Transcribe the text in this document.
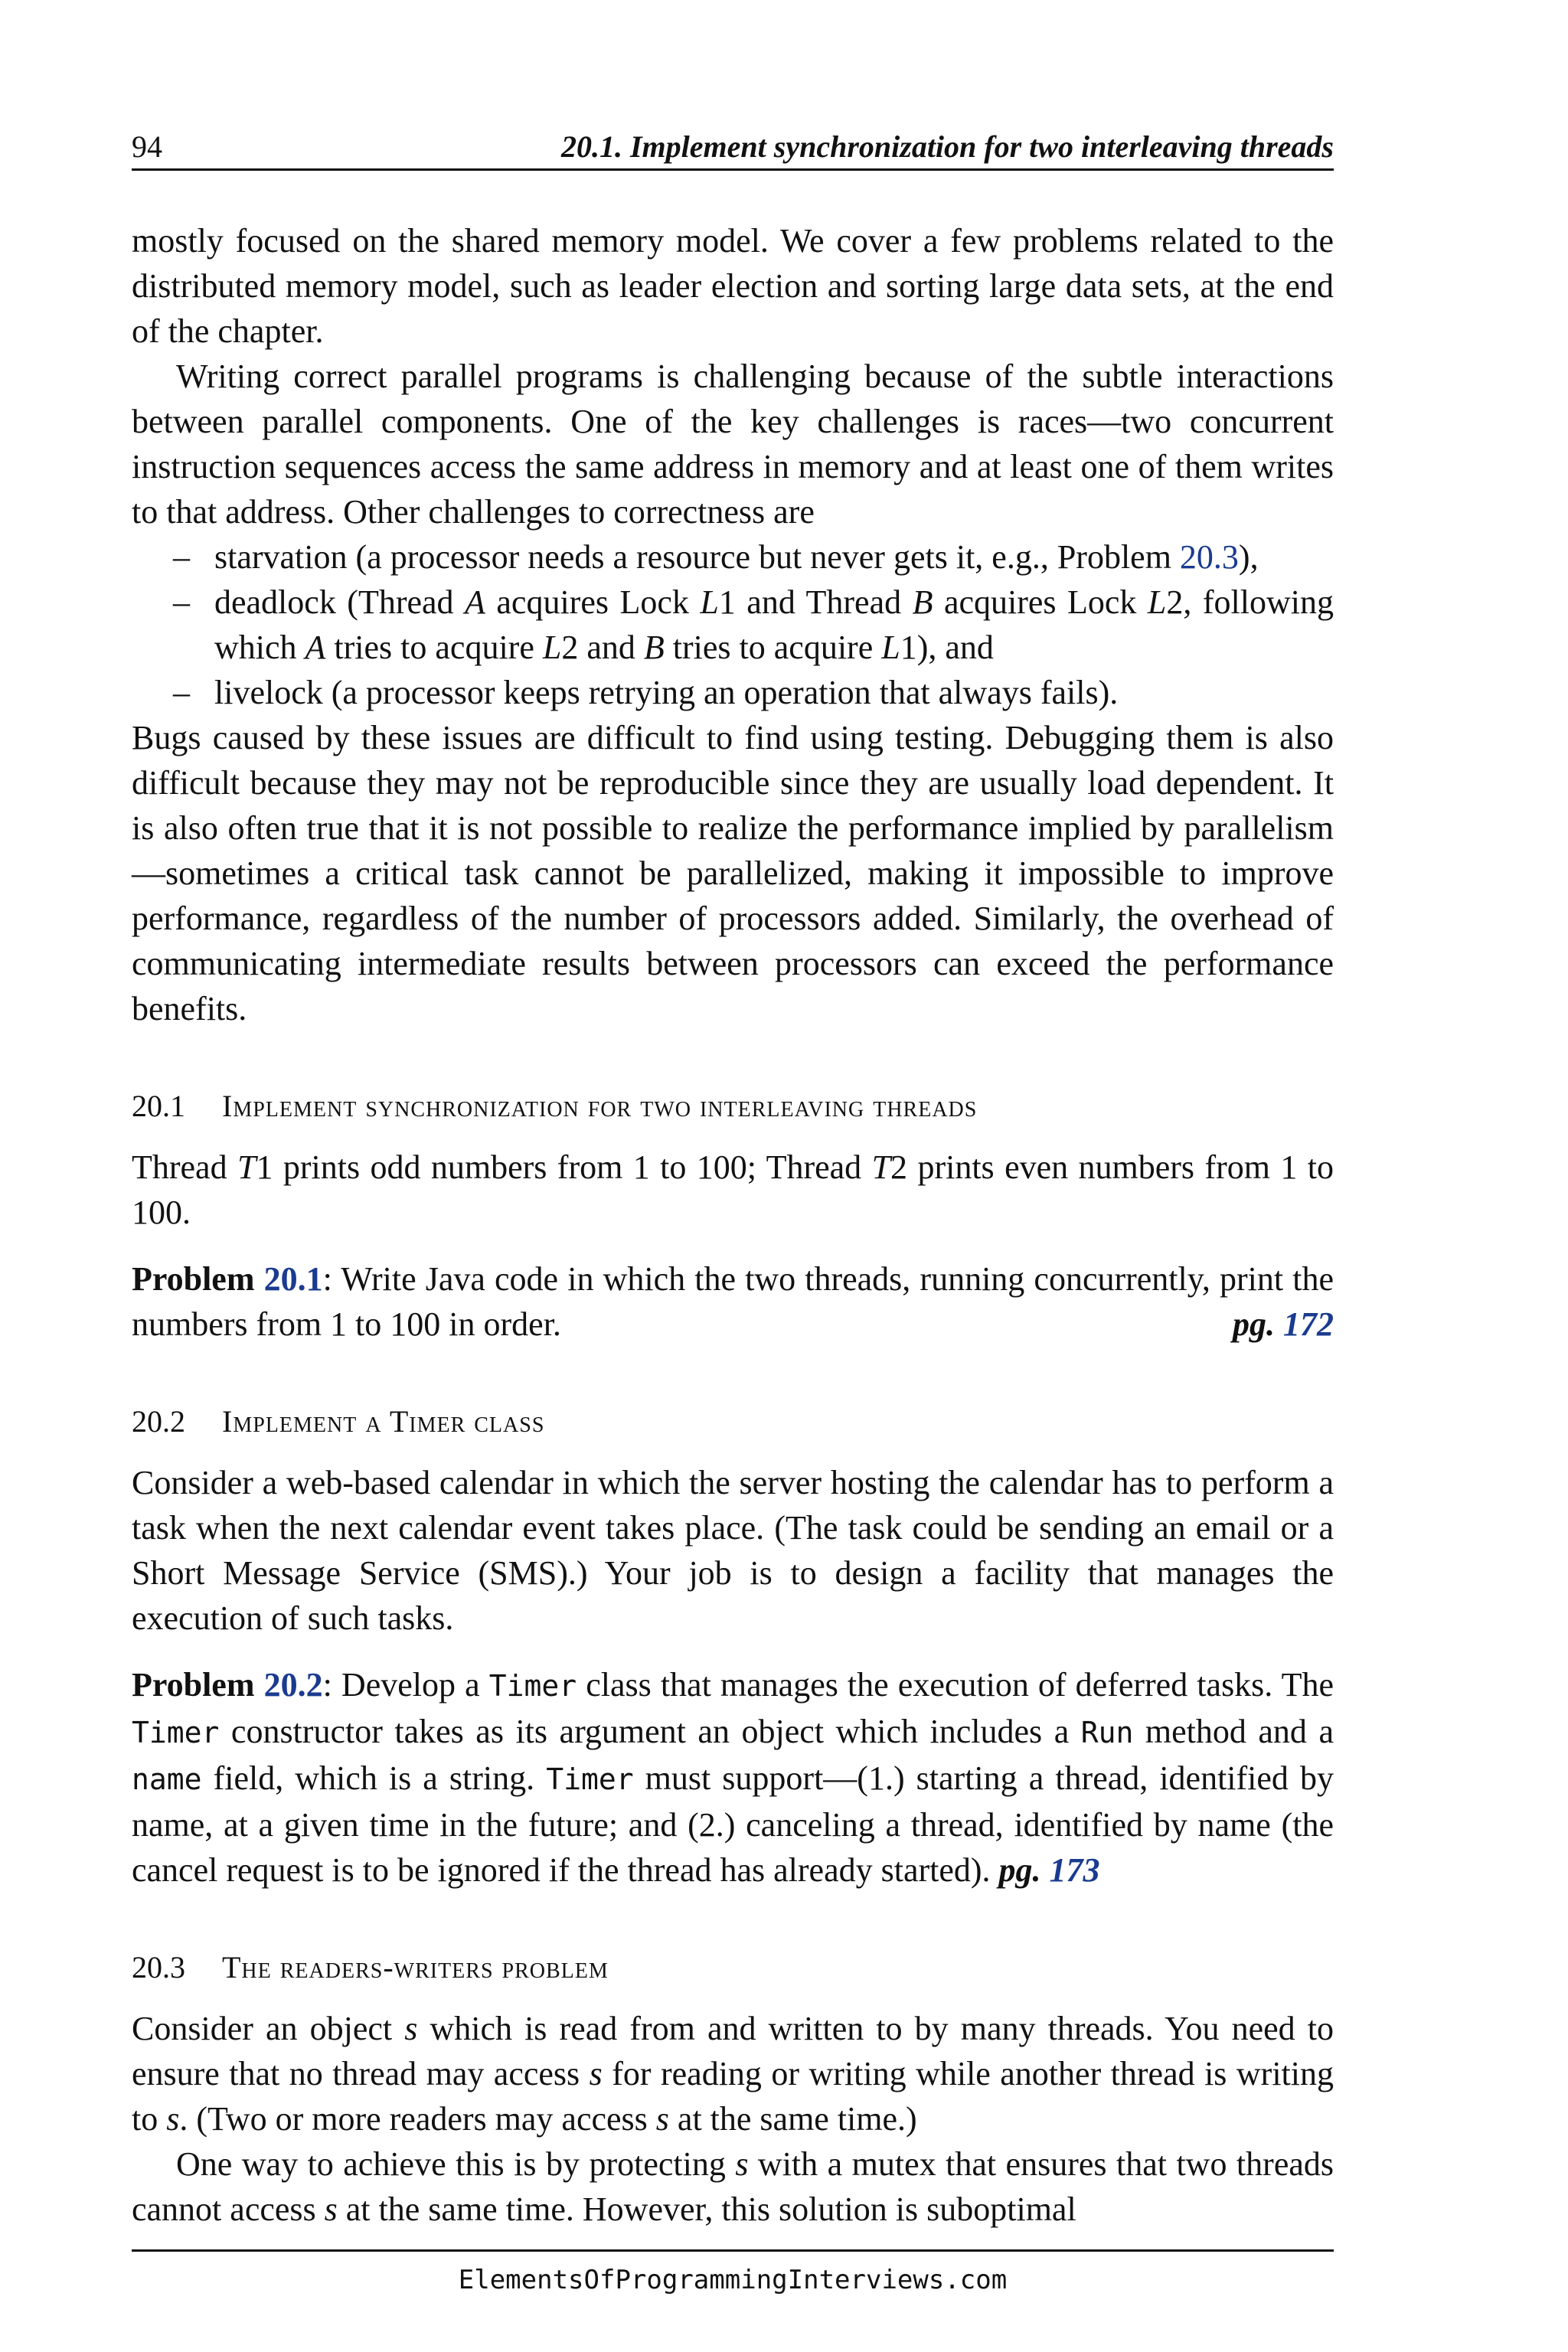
94	20.1. Implement synchronization for two interleaving threads

mostly focused on the shared memory model. We cover a few problems related to the distributed memory model, such as leader election and sorting large data sets, at the end of the chapter.

Writing correct parallel programs is challenging because of the subtle interactions between parallel components. One of the key challenges is races—two concurrent instruction sequences access the same address in memory and at least one of them writes to that address. Other challenges to correctness are

– starvation (a processor needs a resource but never gets it, e.g., Problem 20.3),
– deadlock (Thread A acquires Lock L1 and Thread B acquires Lock L2, following which A tries to acquire L2 and B tries to acquire L1), and
– livelock (a processor keeps retrying an operation that always fails).

Bugs caused by these issues are difficult to find using testing. Debugging them is also difficult because they may not be reproducible since they are usually load dependent. It is also often true that it is not possible to realize the performance implied by parallelism—sometimes a critical task cannot be parallelized, making it impossible to improve performance, regardless of the number of processors added. Similarly, the overhead of communicating intermediate results between processors can exceed the performance benefits.

20.1 Implement synchronization for two interleaving threads

Thread T1 prints odd numbers from 1 to 100; Thread T2 prints even numbers from 1 to 100.

Problem 20.1: Write Java code in which the two threads, running concurrently, print the numbers from 1 to 100 in order.	pg. 172

20.2 Implement a Timer class

Consider a web-based calendar in which the server hosting the calendar has to perform a task when the next calendar event takes place. (The task could be sending an email or a Short Message Service (SMS).) Your job is to design a facility that manages the execution of such tasks.

Problem 20.2: Develop a Timer class that manages the execution of deferred tasks. The Timer constructor takes as its argument an object which includes a Run method and a name field, which is a string. Timer must support—(1.) starting a thread, identified by name, at a given time in the future; and (2.) canceling a thread, identified by name (the cancel request is to be ignored if the thread has already started). pg. 173

20.3 The readers-writers problem

Consider an object s which is read from and written to by many threads. You need to ensure that no thread may access s for reading or writing while another thread is writing to s. (Two or more readers may access s at the same time.)

One way to achieve this is by protecting s with a mutex that ensures that two threads cannot access s at the same time. However, this solution is suboptimal

ElementsOfProgrammingInterviews.com
